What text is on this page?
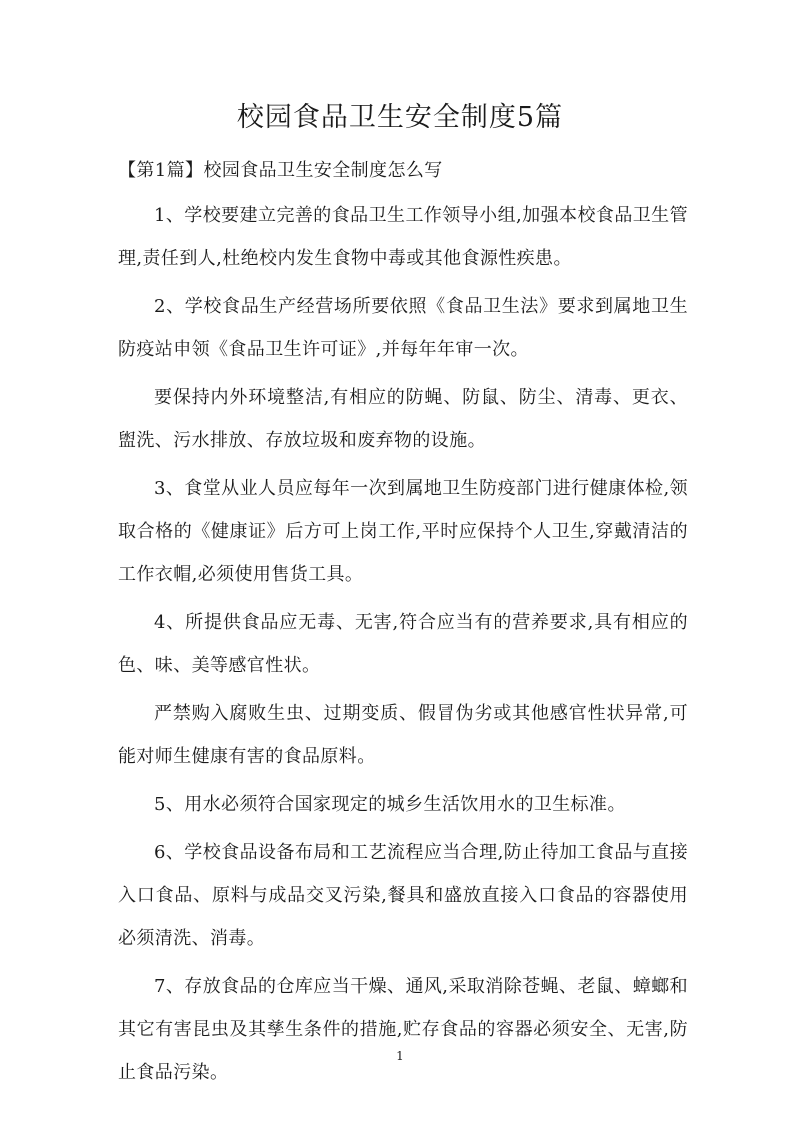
校园食品卫生安全制度5篇
【第1篇】校园食品卫生安全制度怎么写

1、学校要建立完善的食品卫生工作领导小组,加强本校食品卫生管理,责任到人,杜绝校内发生食物中毒或其他食源性疾患。

2、学校食品生产经营场所要依照《食品卫生法》要求到属地卫生防疫站申领《食品卫生许可证》,并每年年审一次。

要保持内外环境整洁,有相应的防蝇、防鼠、防尘、清毒、更衣、盥洗、污水排放、存放垃圾和废弃物的设施。

3、食堂从业人员应每年一次到属地卫生防疫部门进行健康体检,领取合格的《健康证》后方可上岗工作,平时应保持个人卫生,穿戴清洁的工作衣帽,必须使用售货工具。

4、所提供食品应无毒、无害,符合应当有的营养要求,具有相应的色、味、美等感官性状。

严禁购入腐败生虫、过期变质、假冒伪劣或其他感官性状异常,可能对师生健康有害的食品原料。

5、用水必须符合国家现定的城乡生活饮用水的卫生标准。

6、学校食品设备布局和工艺流程应当合理,防止待加工食品与直接入口食品、原料与成品交叉污染,餐具和盛放直接入口食品的容器使用必须清洗、消毒。

7、存放食品的仓库应当干燥、通风,采取消除苍蝇、老鼠、蟑螂和其它有害昆虫及其孳生条件的措施,贮存食品的容器必须安全、无害,防止食品污染。

1
